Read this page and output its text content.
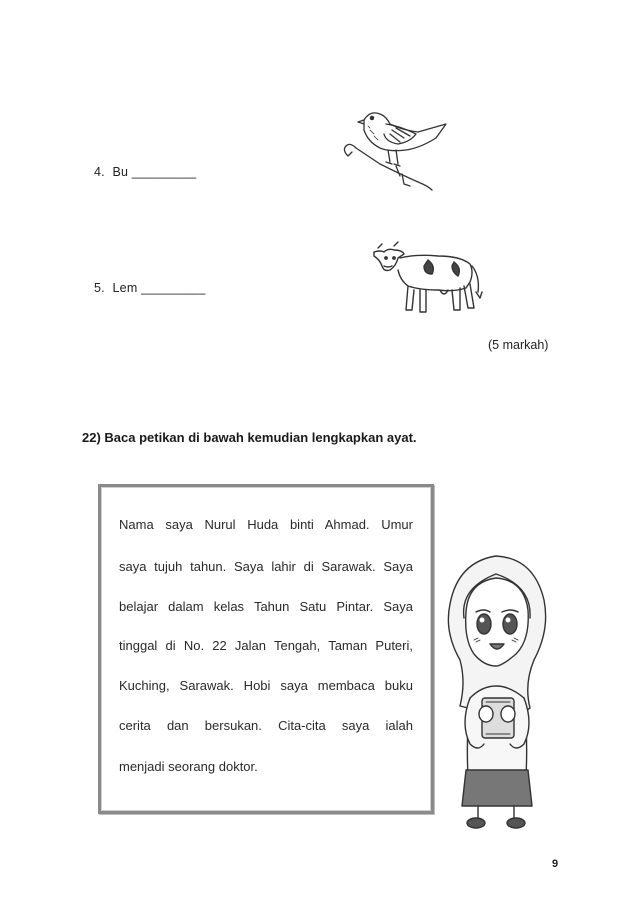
4. Bu _________
5. Lem _________
(5 markah)
22) Baca petikan di bawah kemudian lengkapkan ayat.
Nama saya Nurul Huda binti Ahmad. Umur
saya tujuh tahun. Saya lahir di Sarawak. Saya
belajar dalam kelas Tahun Satu Pintar. Saya
tinggal di No. 22 Jalan Tengah, Taman Puteri,
Kuching, Sarawak. Hobi saya membaca buku
cerita dan bersukan. Cita-cita saya ialah
menjadi seorang doktor.
9
